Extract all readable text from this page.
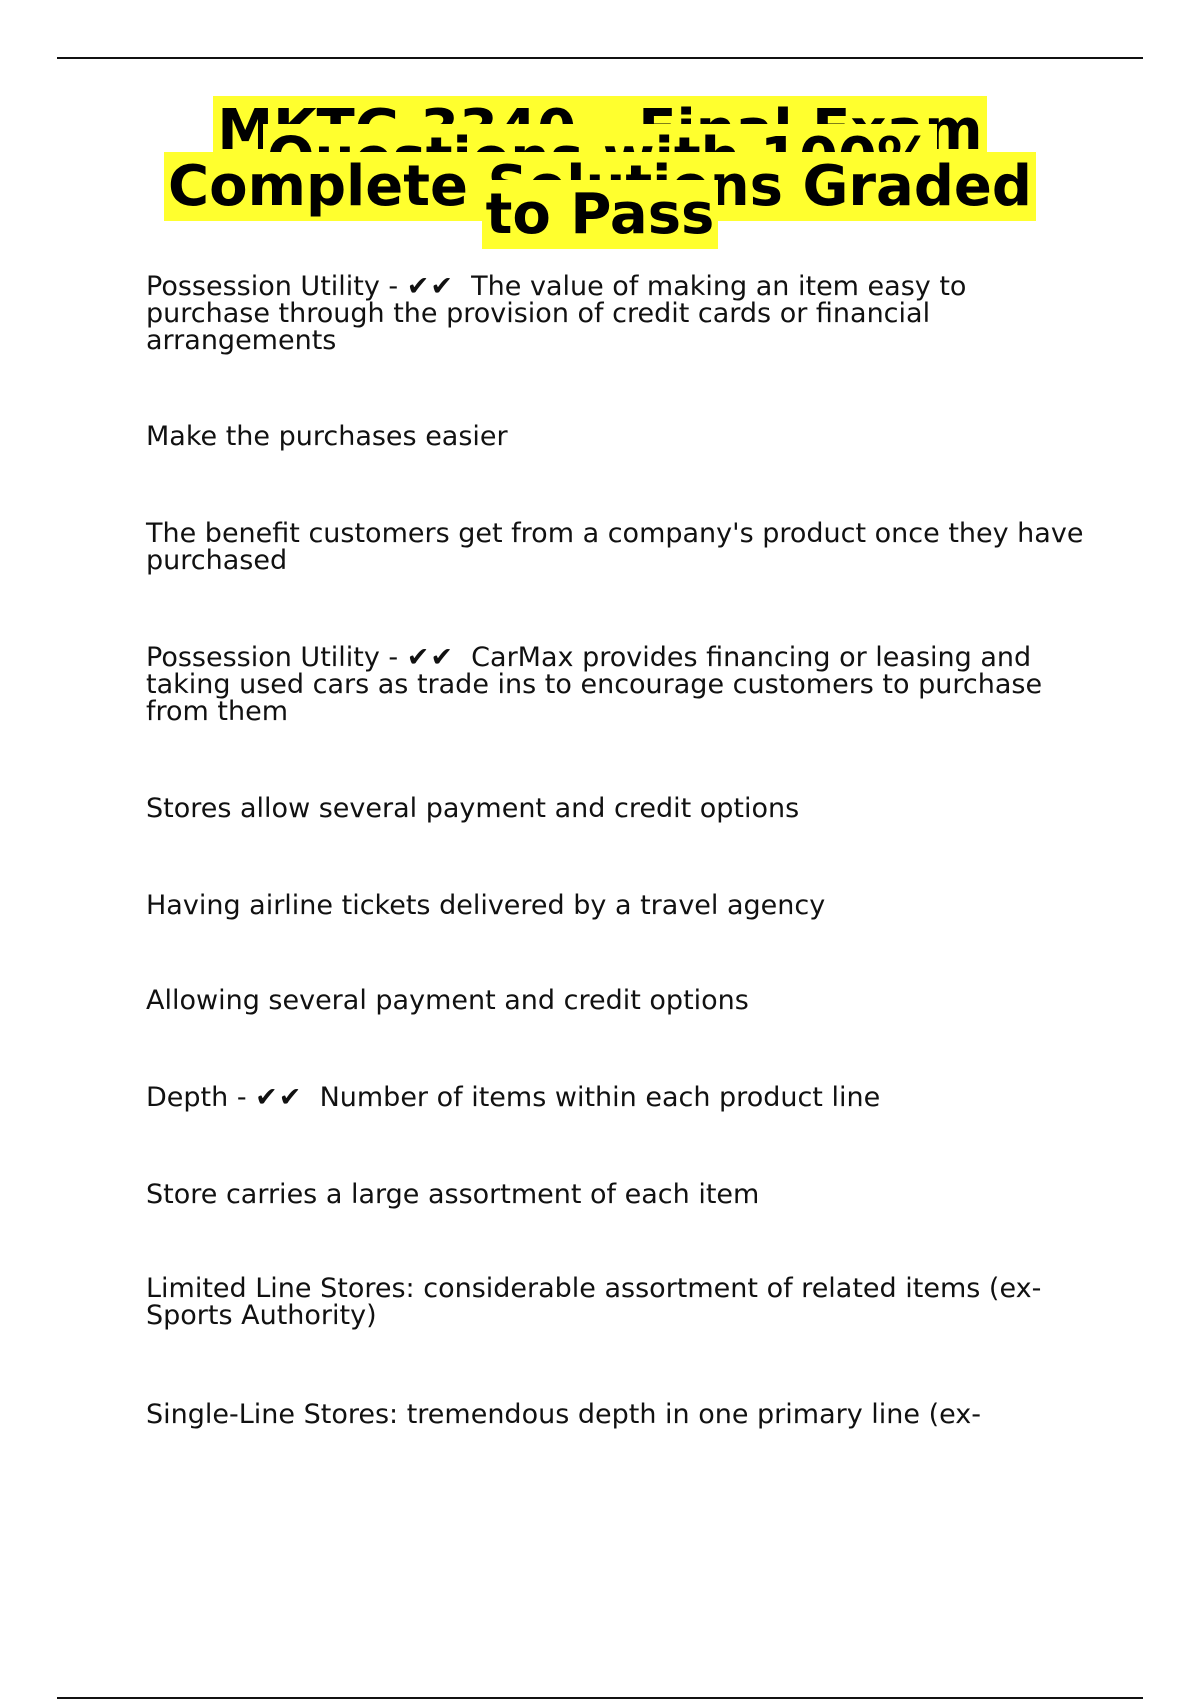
MKTG 3340 - Final Exam Questions with 100% Complete Solutions Graded to Pass

Possession Utility - ✔✔  The value of making an item easy to purchase through the provision of credit cards or financial arrangements

Make the purchases easier

The benefit customers get from a company's product once they have purchased

Possession Utility - ✔✔  CarMax provides financing or leasing and taking used cars as trade ins to encourage customers to purchase from them

Stores allow several payment and credit options

Having airline tickets delivered by a travel agency

Allowing several payment and credit options

Depth - ✔✔  Number of items within each product line

Store carries a large assortment of each item

Limited Line Stores: considerable assortment of related items (ex- Sports Authority)

Single-Line Stores: tremendous depth in one primary line (ex-
